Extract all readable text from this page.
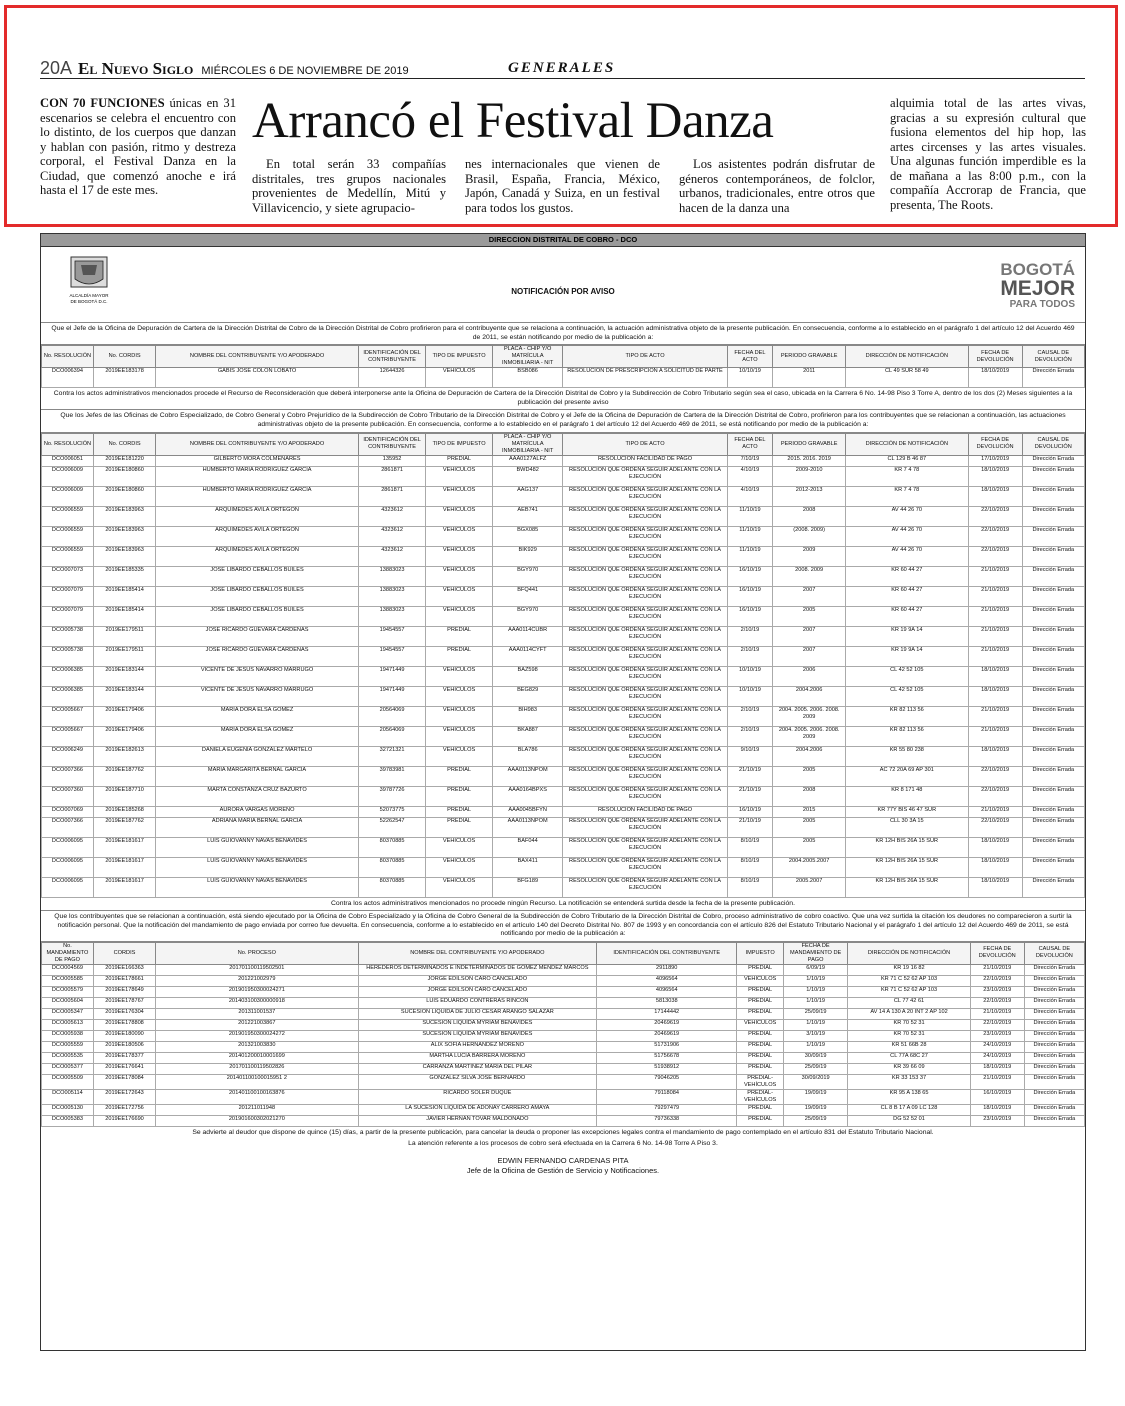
20A El Nuevo Siglo MIÉRCOLES 6 DE NOVIEMBRE DE 2019	GENERALES

CON 70 FUNCIONES únicas en 31 escenarios se celebra el encuentro con lo distinto, de los cuerpos que danzan y hablan con pasión, ritmo y destreza corporal, el Festival Danza en la Ciudad, que comenzó anoche e irá hasta el 17 de este mes.

Arrancó el Festival Danza

En total serán 33 compañías distritales, tres grupos nacionales provenientes de Medellín, Mitú y Villavicencio, y siete agrupacio-

nes internacionales que vienen de Brasil, España, Francia, México, Japón, Canadá y Suiza, en un festival para todos los gustos.

Los asistentes podrán disfrutar de géneros contemporáneos, de folclor, urbanos, tradicionales, entre otros que hacen de la danza una

alquimia total de las artes vivas, gracias a su expresión cultural que fusiona elementos del hip hop, las artes circenses y las artes visuales. Una algunas función imperdible es la de mañana a las 8:00 p.m., con la compañía Accrorap de Francia, que presenta, The Roots.

DIRECCION DISTRITAL DE COBRO - DCO
ALCALDÍA MAYOR
DE BOGOTÁ D.C.
NOTIFICACIÓN POR AVISO
BOGOTÁ
MEJOR
PARA TODOS
Que el Jefe de la Oficina de Depuración de Cartera de la Dirección Distrital de Cobro de la Dirección Distrital de Cobro profirieron para el contribuyente que se relaciona a continuación, la actuación administrativa objeto de la presente publicación. En consecuencia, conforme a lo establecido en el parágrafo 1 del artículo 12 del Acuerdo 469 de 2011, se están notificando por medio de la publicación a:
No. RESOLUCIÓN	No. CORDIS	NOMBRE DEL CONTRIBUYENTE Y/O APODERADO	IDENTIFICACIÓN DEL CONTRIBUYENTE	TIPO DE IMPUESTO	PLACA - CHIP Y/O MATRÍCULA INMOBILIARIA - NIT	TIPO DE ACTO	FECHA DEL ACTO	PERIODO GRAVABLE	DIRECCIÓN DE NOTIFICACIÓN	FECHA DE DEVOLUCIÓN	CAUSAL DE DEVOLUCIÓN
DCO006394	2019EE183178	GABIS JOSE COLON LOBATO	12644326	VEHÍCULOS	BSB086	RESOLUCIÓN DE PRESCRIPCIÓN A SOLICITUD DE PARTE	10/10/19	2011	CL 49 SUR 58 49	18/10/2019	Dirección Errada
Contra los actos administrativos mencionados procede el Recurso de Reconsideración que deberá interponerse ante la Oficina de Depuración de Cartera de la Dirección Distrital de Cobro y la Subdirección de Cobro Tributario según sea el caso, ubicada en la Carrera 6 No. 14-98 Piso 3 Torre A, dentro de los dos (2) Meses siguientes a la publicación del presente aviso
Que los Jefes de las Oficinas de Cobro Especializado, de Cobro General y Cobro Prejurídico de la Subdirección de Cobro Tributario de la Dirección Distrital de Cobro y el Jefe de la Oficina de Depuración de Cartera de la Dirección Distrital de Cobro, profirieron para los contribuyentes que se relacionan a continuación, las actuaciones administrativas objeto de la presente publicación. En consecuencia, conforme a lo establecido en el parágrafo 1 del artículo 12 del Acuerdo 469 de 2011, se está notificando por medio de la publicación a:
No. RESOLUCIÓN	No. CORDIS	NOMBRE DEL CONTRIBUYENTE Y/O APODERADO	IDENTIFICACIÓN DEL CONTRIBUYENTE	TIPO DE IMPUESTO	PLACA - CHIP Y/O MATRÍCULA INMOBILIARIA - NIT	TIPO DE ACTO	FECHA DEL ACTO	PERIODO GRAVABLE	DIRECCIÓN DE NOTIFICACIÓN	FECHA DE DEVOLUCIÓN	CAUSAL DE DEVOLUCIÓN
DCO006051	2019EE181220	GILBERTO MORA COLMENARES	135952	PREDIAL	AAA0127ALFZ	RESOLUCIÓN FACILIDAD DE PAGO	7/10/19	2015. 2016. 2019	CL 129 B 46 87	17/10/2019	Dirección Errada
DCO006009	2019EE180860	HUMBERTO MARIA RODRIGUEZ GARCIA	2861871	VEHÍCULOS	BWD482	RESOLUCIÓN QUE ORDENA SEGUIR ADELANTE CON LA EJECUCIÓN	4/10/19	2009-2010	KR 7 4 78	18/10/2019	Dirección Errada
DCO006009	2019EE180860	HUMBERTO MARIA RODRIGUEZ GARCIA	2861871	VEHÍCULOS	AAG137	RESOLUCIÓN QUE ORDENA SEGUIR ADELANTE CON LA EJECUCIÓN	4/10/19	2012-2013	KR 7 4 78	18/10/2019	Dirección Errada
DCO006559	2019EE183963	ARQUIMEDES AVILA ORTEGON	4323612	VEHÍCULOS	AEB741	RESOLUCIÓN QUE ORDENA SEGUIR ADELANTE CON LA EJECUCIÓN	11/10/19	2008	AV 44 26 70	22/10/2019	Dirección Errada
DCO006559	2019EE183963	ARQUIMEDES AVILA ORTEGON	4323612	VEHÍCULOS	BGX085	RESOLUCIÓN QUE ORDENA SEGUIR ADELANTE CON LA EJECUCIÓN	11/10/19	(2008. 2009)	AV 44 26 70	22/10/2019	Dirección Errada
DCO006559	2019EE183963	ARQUIMEDES AVILA ORTEGON	4323612	VEHÍCULOS	BIK929	RESOLUCIÓN QUE ORDENA SEGUIR ADELANTE CON LA EJECUCIÓN	11/10/19	2009	AV 44 26 70	22/10/2019	Dirección Errada
DCO007073	2019EE185335	JOSE LIBARDO CEBALLOS BUILES	13883023	VEHÍCULOS	BGY970	RESOLUCIÓN QUE ORDENA SEGUIR ADELANTE CON LA EJECUCIÓN	16/10/19	2008. 2009	KR 60 44 27	21/10/2019	Dirección Errada
DCO007079	2019EE185414	JOSE LIBARDO CEBALLOS BUILES	13883023	VEHÍCULOS	BFQ441	RESOLUCIÓN QUE ORDENA SEGUIR ADELANTE CON LA EJECUCIÓN	16/10/19	2007	KR 60 44 27	21/10/2019	Dirección Errada
DCO007079	2019EE185414	JOSE LIBARDO CEBALLOS BUILES	13883023	VEHÍCULOS	BGY970	RESOLUCIÓN QUE ORDENA SEGUIR ADELANTE CON LA EJECUCIÓN	16/10/19	2005	KR 60 44 27	21/10/2019	Dirección Errada
DCO005738	2019EE179511	JOSE RICARDO GUEVARA CARDENAS	19454557	PREDIAL	AAA0114CUBR	RESOLUCIÓN QUE ORDENA SEGUIR ADELANTE CON LA EJECUCIÓN	2/10/19	2007	KR 19 9A 14	21/10/2019	Dirección Errada
DCO005738	2019EE179511	JOSE RICARDO GUEVARA CARDENAS	19454557	PREDIAL	AAA0114CYFT	RESOLUCIÓN QUE ORDENA SEGUIR ADELANTE CON LA EJECUCIÓN	2/10/19	2007	KR 19 9A 14	21/10/2019	Dirección Errada
DCO006385	2019EE183144	VICENTE DE JESUS NAVARRO MARRUGO	19471449	VEHÍCULOS	BAZ598	RESOLUCIÓN QUE ORDENA SEGUIR ADELANTE CON LA EJECUCIÓN	10/10/19	2006	CL 42 52 105	18/10/2019	Dirección Errada
DCO006385	2019EE183144	VICENTE DE JESUS NAVARRO MARRUGO	19471449	VEHÍCULOS	BEG829	RESOLUCIÓN QUE ORDENA SEGUIR ADELANTE CON LA EJECUCIÓN	10/10/19	2004.2006	CL 42 52 105	18/10/2019	Dirección Errada
DCO005667	2019EE179406	MARIA DORA ELSA GOMEZ	20564069	VEHÍCULOS	BIH983	RESOLUCIÓN QUE ORDENA SEGUIR ADELANTE CON LA EJECUCIÓN	2/10/19	2004. 2005. 2006. 2008. 2009	KR 82 113 56	21/10/2019	Dirección Errada
DCO005667	2019EE179406	MARIA DORA ELSA GOMEZ	20564069	VEHÍCULOS	BKA887	RESOLUCIÓN QUE ORDENA SEGUIR ADELANTE CON LA EJECUCIÓN	2/10/19	2004. 2005. 2006. 2008. 2009	KR 82 113 56	21/10/2019	Dirección Errada
DCO006249	2019EE182613	DANIELA EUGENIA GONZALEZ MARTELO	32721321	VEHÍCULOS	BLA786	RESOLUCIÓN QUE ORDENA SEGUIR ADELANTE CON LA EJECUCIÓN	9/10/19	2004.2006	KR 55 80 238	18/10/2019	Dirección Errada
DCO007366	2019EE187762	MARIA MARGARITA BERNAL GARCIA	39783981	PREDIAL	AAA0113NPOM	RESOLUCIÓN QUE ORDENA SEGUIR ADELANTE CON LA EJECUCIÓN	21/10/19	2005	AC 72 20A 69 AP 301	22/10/2019	Dirección Errada
DCO007360	2019EE187710	MARTA CONSTANZA CRUZ BAZURTO	39787726	PREDIAL	AAA0164BPXS	RESOLUCIÓN QUE ORDENA SEGUIR ADELANTE CON LA EJECUCIÓN	21/10/19	2008	KR 8 171 48	22/10/2019	Dirección Errada
DCO007069	2019EE185268	AURORA VARGAS MORENO	52073775	PREDIAL	AAA0045BFYN	RESOLUCIÓN FACILIDAD DE PAGO	16/10/19	2015	KR 77Y BIS 46 47 SUR	21/10/2019	Dirección Errada
DCO007366	2019EE187762	ADRIANA MARIA BERNAL GARCIA	52262547	PREDIAL	AAA0113NPOM	RESOLUCIÓN QUE ORDENA SEGUIR ADELANTE CON LA EJECUCIÓN	21/10/19	2005	CLL 30 3A 15	22/10/2019	Dirección Errada
DCO006095	2019EE181617	LUIS GUIOVANNY NAVAS BENAVIDES	80370885	VEHÍCULOS	BAF044	RESOLUCIÓN QUE ORDENA SEGUIR ADELANTE CON LA EJECUCIÓN	8/10/19	2005	KR 12H BIS 26A 15 SUR	18/10/2019	Dirección Errada
DCO006095	2019EE181617	LUIS GUIOVANNY NAVAS BENAVIDES	80370885	VEHÍCULOS	BAX411	RESOLUCIÓN QUE ORDENA SEGUIR ADELANTE CON LA EJECUCIÓN	8/10/19	2004.2005.2007	KR 12H BIS 26A 15 SUR	18/10/2019	Dirección Errada
DCO006095	2019EE181617	LUIS GUIOVANNY NAVAS BENAVIDES	80370885	VEHÍCULOS	BFG189	RESOLUCIÓN QUE ORDENA SEGUIR ADELANTE CON LA EJECUCIÓN	8/10/19	2005.2007	KR 12H BIS 26A 15 SUR	18/10/2019	Dirección Errada
Contra los actos administrativos mencionados no procede ningún Recurso. La notificación se entenderá surtida desde la fecha de la presente publicación.
Que los contribuyentes que se relacionan a continuación, está siendo ejecutado por la Oficina de Cobro Especializado y la Oficina de Cobro General de la Subdirección de Cobro Tributario de la Dirección Distrital de Cobro, proceso administrativo de cobro coactivo. Que una vez surtida la citación los deudores no comparecieron a surtir la notificación personal. Que la notificación del mandamiento de pago enviada por correo fue devuelta. En consecuencia, conforme a lo establecido en el artículo 140 del Decreto Distrital No. 807 de 1993 y en concordancia con el artículo 826 del Estatuto Tributario Nacional y el parágrafo 1 del artículo 12 del Acuerdo 469 de 2011, se está notificando por medio de la publicación a:
No. MANDAMIENTO DE PAGO	CORDIS	No. PROCESO	NOMBRE DEL CONTRIBUYENTE Y/O APODERADO	IDENTIFICACIÓN DEL CONTRIBUYENTE	IMPUESTO	FECHA DE MANDAMIENTO DE PAGO	DIRECCIÓN DE NOTIFICACIÓN	FECHA DE DEVOLUCIÓN	CAUSAL DE DEVOLUCIÓN
DCO004569	2019EE166363	201701100119502501	HEREDEROS DETERMINADOS E INDETERMINADOS DE GOMEZ MENDEZ MARCOS	2911890	PREDIAL	6/09/19	KR 19 16 82	21/10/2019	Dirección Errada
DCO005585	2019EE178661	201221002979	JORGE EDILSON CARO CANCELADO	4096564	VEHÍCULOS	1/10/19	KR 71 C 52 62 AP 103	22/10/2019	Dirección Errada
DCO005579	2019EE178649	201901950300024271	JORGE EDILSON CARO CANCELADO	4096564	PREDIAL	1/10/19	KR 71 C 52 62 AP 103	23/10/2019	Dirección Errada
DCO005604	2019EE178767	201403100300000918	LUIS EDUARDO CONTRERAS RINCON	5813038	PREDIAL	1/10/19	CL 77 42 61	22/10/2019	Dirección Errada
DCO005347	2019EE176304	201311001537	SUCESION LIQUIDA DE JULIO CESAR ARANGO SALAZAR	17144442	PREDIAL	25/09/19	AV 14 A 130 A 20 INT 2 AP 102	21/10/2019	Dirección Errada
DCO005613	2019EE178808	201221003867	SUCESION LIQUIDA MYRIAM BENAVIDES	20469619	VEHÍCULOS	1/10/19	KR 70 52 31	22/10/2019	Dirección Errada
DCO005938	2019EE180090	201901950300024272	SUCESION LIQUIDA MYRIAM BENAVIDES	20469619	PREDIAL	3/10/19	KR 70 52 31	23/10/2019	Dirección Errada
DCO005559	2019EE180506	201321003830	ALIX SOFIA HERNANDEZ MORENO	51731906	PREDIAL	1/10/19	KR 51 66B 28	24/10/2019	Dirección Errada
DCO005535	2019EE178377	201401200010001699	MARTHA LUCIA BARRERA MORENO	51756678	PREDIAL	30/09/19	CL 77A 68C 27	24/10/2019	Dirección Errada
DCO005377	2019EE176641	201701100119502826	CARRANZA MARTINEZ MARIA DEL PILAR	51938912	PREDIAL	25/09/19	KR 39 66 09	18/10/2019	Dirección Errada
DCO005509	2019EE178084	201401100100015951 2	GONZALEZ SILVA JOSE BERNARDO	79046205	PREDIAL-VEHÍCULOS	30/09/2019	KR 33 153 37	21/10/2019	Dirección Errada
DCO005114	2019EE172643	201401100100163876	RICARDO SOLER DUQUE	79118084	PREDIAL-VEHÍCULOS	19/09/19	KR 95 A 138 65	16/10/2019	Dirección Errada
DCO005130	2019EE172756	201211011948	LA SUCESION LIQUIDA DE ADONAY CARRERO AMAYA	79297479	PREDIAL	19/09/19	CL 8 B 17 A 09 LC 128	18/10/2019	Dirección Errada
DCO005383	2019EE176690	201901600302021270	JAVIER HERNAN TOVAR MALDONADO	79736338	PREDIAL	25/09/19	DG 52 52 01	23/10/2019	Dirección Errada
Se advierte al deudor que dispone de quince (15) días, a partir de la presente publicación, para cancelar la deuda o proponer las excepciones legales contra el mandamiento de pago contemplado en el artículo 831 del Estatuto Tributario Nacional.
La atención referente a los procesos de cobro será efectuada en la Carrera 6 No. 14-98 Torre A Piso 3.
EDWIN FERNANDO CARDENAS PITA
Jefe de la Oficina de Gestión de Servicio y Notificaciones.
